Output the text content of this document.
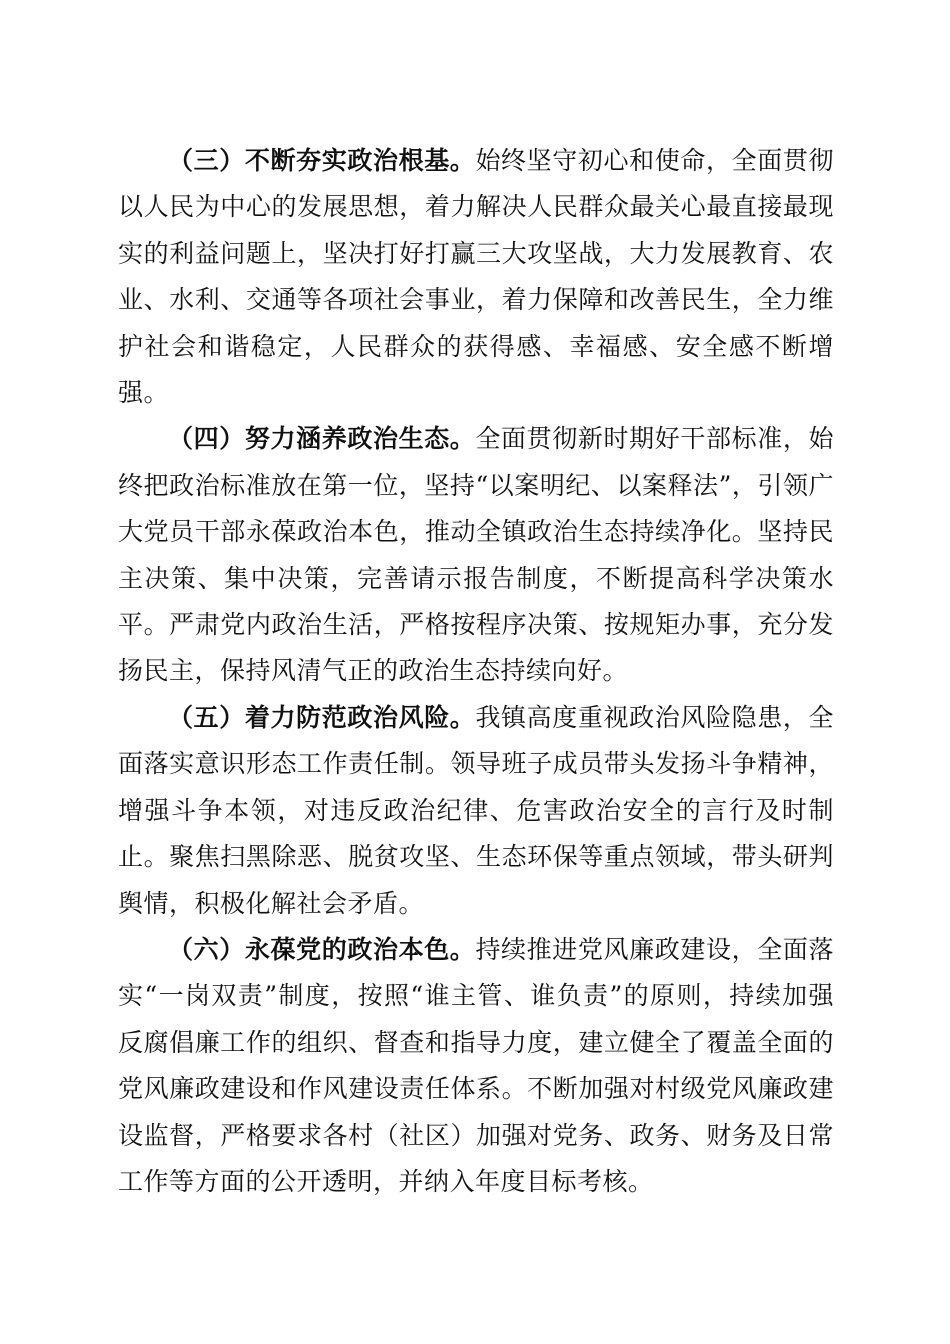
（三）不断夯实政治根基。始终坚守初心和使命，全面贯彻以人民为中心的发展思想，着力解决人民群众最关心最直接最现实的利益问题上，坚决打好打赢三大攻坚战，大力发展教育、农业、水利、交通等各项社会事业，着力保障和改善民生，全力维护社会和谐稳定，人民群众的获得感、幸福感、安全感不断增强。

（四）努力涵养政治生态。全面贯彻新时期好干部标准，始终把政治标准放在第一位，坚持“以案明纪、以案释法”，引领广大党员干部永葆政治本色，推动全镇政治生态持续净化。坚持民主决策、集中决策，完善请示报告制度，不断提高科学决策水平。严肃党内政治生活，严格按程序决策、按规矩办事，充分发扬民主，保持风清气正的政治生态持续向好。

（五）着力防范政治风险。我镇高度重视政治风险隐患，全面落实意识形态工作责任制。领导班子成员带头发扬斗争精神，增强斗争本领，对违反政治纪律、危害政治安全的言行及时制止。聚焦扫黑除恶、脱贫攻坚、生态环保等重点领域，带头研判舆情，积极化解社会矛盾。

（六）永葆党的政治本色。持续推进党风廉政建设，全面落实“一岗双责”制度，按照“谁主管、谁负责”的原则，持续加强反腐倡廉工作的组织、督查和指导力度，建立健全了覆盖全面的党风廉政建设和作风建设责任体系。不断加强对村级党风廉政建设监督，严格要求各村（社区）加强对党务、政务、财务及日常工作等方面的公开透明，并纳入年度目标考核。
